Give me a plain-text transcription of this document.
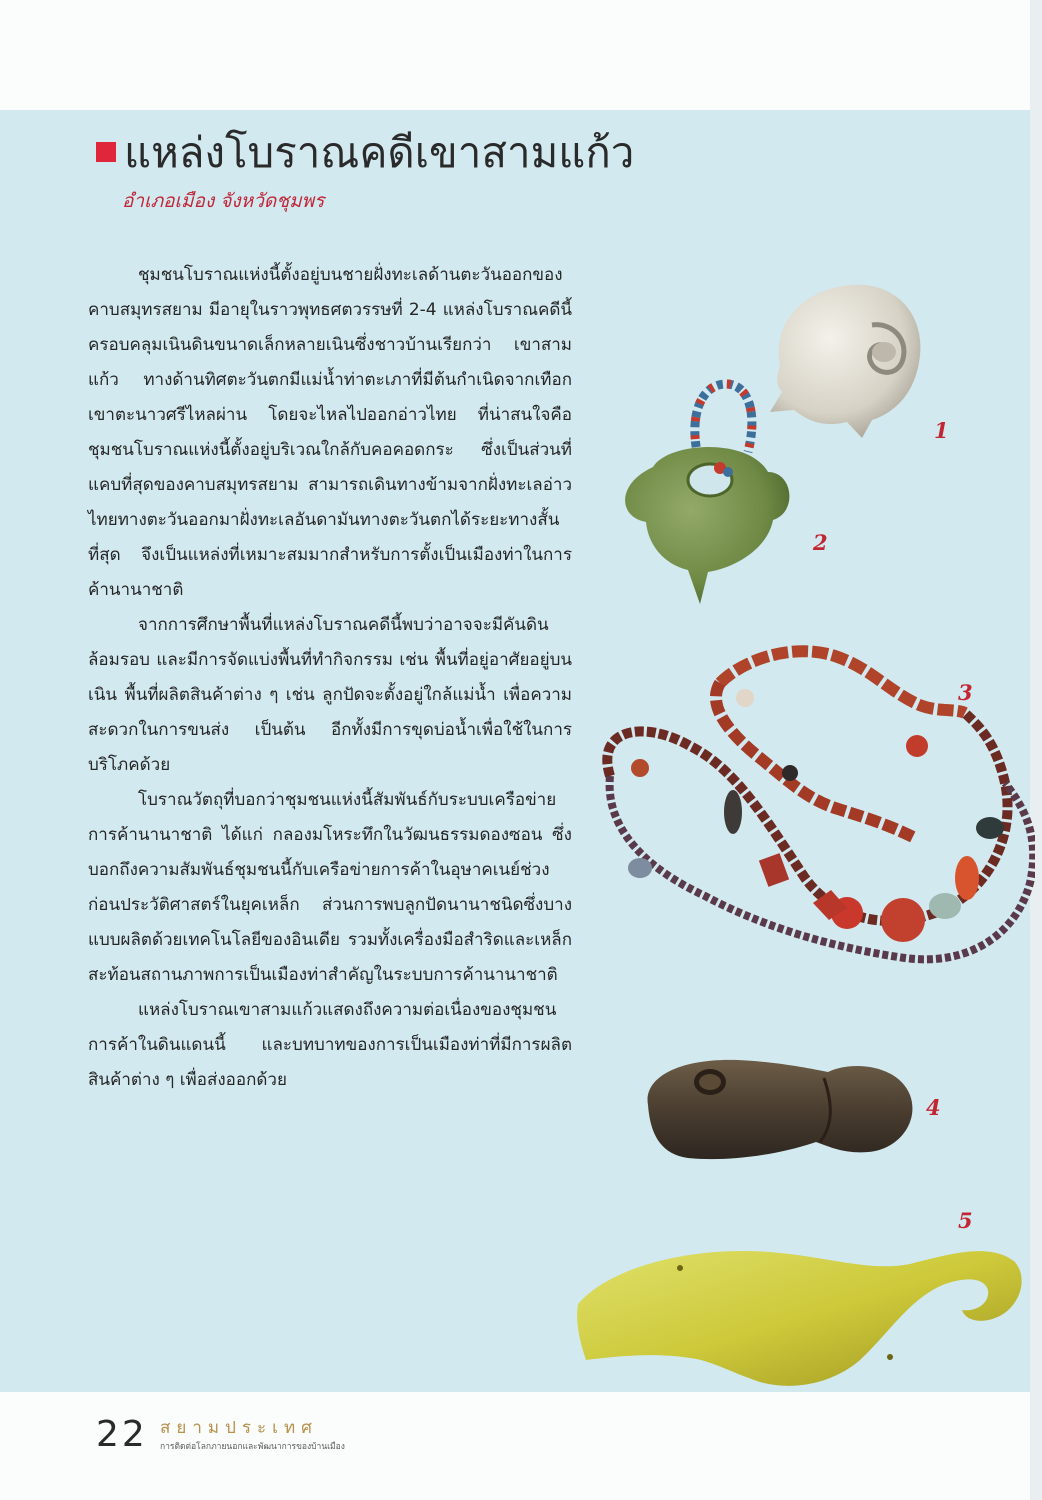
แหล่งโบราณคดีเขาสามแก้ว
อำเภอเมือง จังหวัดชุมพร

ชุมชนโบราณแห่งนี้ตั้งอยู่บนชายฝั่งทะเลด้านตะวันออกของคาบสมุทรสยาม มีอายุในราวพุทธศตวรรษที่ 2-4 แหล่งโบราณคดีนี้ครอบคลุมเนินดินขนาดเล็กหลายเนินซึ่งชาวบ้านเรียกว่า เขาสามแก้ว ทางด้านทิศตะวันตกมีแม่น้ำท่าตะเภาที่มีต้นกำเนิดจากเทือกเขาตะนาวศรีไหลผ่าน โดยจะไหลไปออกอ่าวไทย ที่น่าสนใจคือ ชุมชนโบราณแห่งนี้ตั้งอยู่บริเวณใกล้กับคอคอดกระ ซึ่งเป็นส่วนที่แคบที่สุดของคาบสมุทรสยาม สามารถเดินทางข้ามจากฝั่งทะเลอ่าวไทยทางตะวันออกมาฝั่งทะเลอันดามันทางตะวันตกได้ระยะทางสั้นที่สุด จึงเป็นแหล่งที่เหมาะสมมากสำหรับการตั้งเป็นเมืองท่าในการค้านานาชาติ

จากการศึกษาพื้นที่แหล่งโบราณคดีนี้พบว่าอาจจะมีคันดินล้อมรอบ และมีการจัดแบ่งพื้นที่ทำกิจกรรม เช่น พื้นที่อยู่อาศัยอยู่บนเนิน พื้นที่ผลิตสินค้าต่าง ๆ เช่น ลูกปัดจะตั้งอยู่ใกล้แม่น้ำ เพื่อความสะดวกในการขนส่ง เป็นต้น อีกทั้งมีการขุดบ่อน้ำเพื่อใช้ในการบริโภคด้วย

โบราณวัตถุที่บอกว่าชุมชนแห่งนี้สัมพันธ์กับระบบเครือข่ายการค้านานาชาติ ได้แก่ กลองมโหระทึกในวัฒนธรรมดองซอน ซึ่งบอกถึงความสัมพันธ์ชุมชนนี้กับเครือข่ายการค้าในอุษาคเนย์ช่วงก่อนประวัติศาสตร์ในยุคเหล็ก ส่วนการพบลูกปัดนานาชนิดซึ่งบางแบบผลิตด้วยเทคโนโลยีของอินเดีย รวมทั้งเครื่องมือสำริดและเหล็ก สะท้อนสถานภาพการเป็นเมืองท่าสำคัญในระบบการค้านานาชาติ

แหล่งโบราณเขาสามแก้วแสดงถึงความต่อเนื่องของชุมชนการค้าในดินแดนนี้ และบทบาทของการเป็นเมืองท่าที่มีการผลิตสินค้าต่าง ๆ เพื่อส่งออกด้วย

1
2
3
4
5
22 สยามประเทศ
การติดต่อโลกภายนอกและพัฒนาการของบ้านเมือง
